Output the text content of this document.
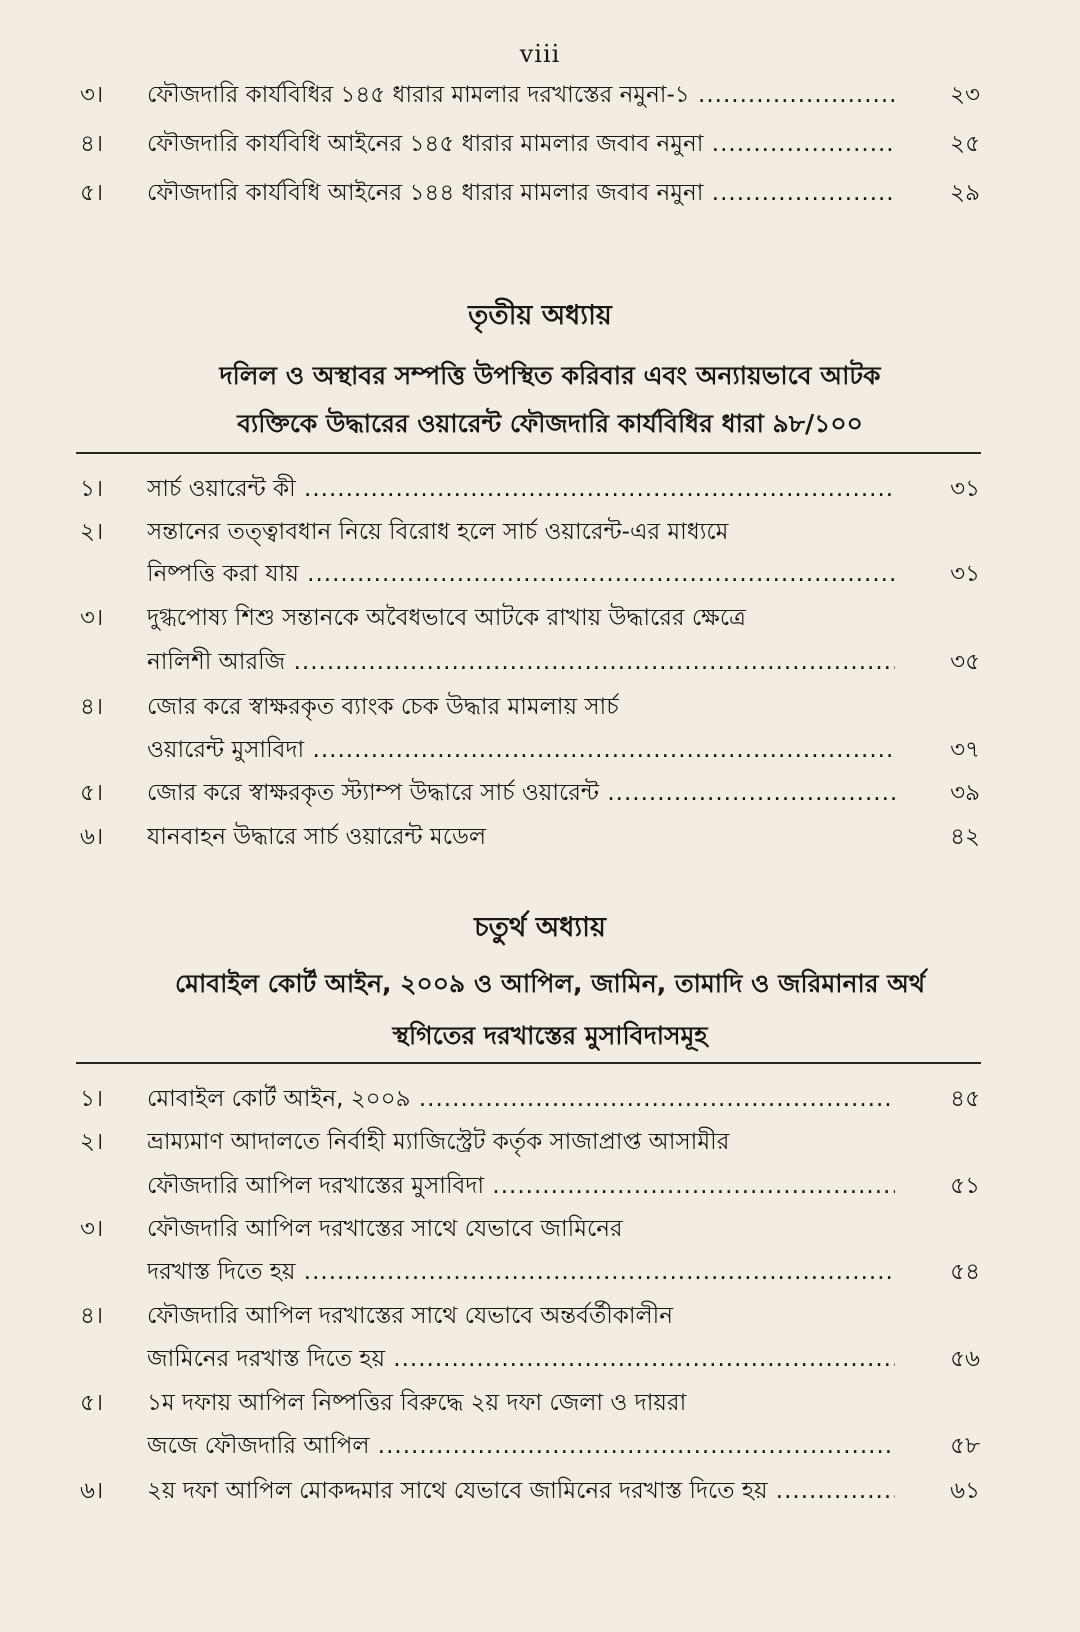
viii
৩। ফৌজদারি কার্যবিধির ১৪৫ ধারার মামলার দরখাস্তের নমুনা-১ .....	২৩
৪। ফৌজদারি কার্যবিধি আইনের ১৪৫ ধারার মামলার জবাব নমুনা .....	২৫
৫। ফৌজদারি কার্যবিধি আইনের ১৪৪ ধারার মামলার জবাব নমুনা .....	২৯
তৃতীয় অধ্যায়
দলিল ও অস্থাবর সম্পত্তি উপস্থিত করিবার এবং অন্যায়ভাবে আটক
ব্যক্তিকে উদ্ধারের ওয়ারেন্ট ফৌজদারি কার্যবিধির ধারা ৯৮/১০০
১। সার্চ ওয়ারেন্ট কী .....	৩১
২। সন্তানের তত্ত্বাবধান নিয়ে বিরোধ হলে সার্চ ওয়ারেন্ট-এর মাধ্যমে
নিষ্পত্তি করা যায় .....	৩১
৩। দুগ্ধপোষ্য শিশু সন্তানকে অবৈধভাবে আটকে রাখায় উদ্ধারের ক্ষেত্রে
নালিশী আরজি .....	৩৫
৪। জোর করে স্বাক্ষরকৃত ব্যাংক চেক উদ্ধার মামলায় সার্চ
ওয়ারেন্ট মুসাবিদা .....	৩৭
৫। জোর করে স্বাক্ষরকৃত স্ট্যাম্প উদ্ধারে সার্চ ওয়ারেন্ট .....	৩৯
৬। যানবাহন উদ্ধারে সার্চ ওয়ারেন্ট মডেল	৪২
চতুর্থ অধ্যায়
মোবাইল কোর্ট আইন, ২০০৯ ও আপিল, জামিন, তামাদি ও জরিমানার অর্থ
স্থগিতের দরখাস্তের মুসাবিদাসমূহ
১। মোবাইল কোর্ট আইন, ২০০৯ .....	৪৫
২। ভ্রাম্যমাণ আদালতে নির্বাহী ম্যাজিস্ট্রেট কর্তৃক সাজাপ্রাপ্ত আসামীর
ফৌজদারি আপিল দরখাস্তের মুসাবিদা .....	৫১
৩। ফৌজদারি আপিল দরখাস্তের সাথে যেভাবে জামিনের
দরখাস্ত দিতে হয় .....	৫৪
৪। ফৌজদারি আপিল দরখাস্তের সাথে যেভাবে অন্তর্বর্তীকালীন
জামিনের দরখাস্ত দিতে হয় .....	৫৬
৫। ১ম দফায় আপিল নিষ্পত্তির বিরুদ্ধে ২য় দফা জেলা ও দায়রা
জজে ফৌজদারি আপিল .....	৫৮
৬। ২য় দফা আপিল মোকদ্দমার সাথে যেভাবে জামিনের দরখাস্ত দিতে হয় .....	৬১
